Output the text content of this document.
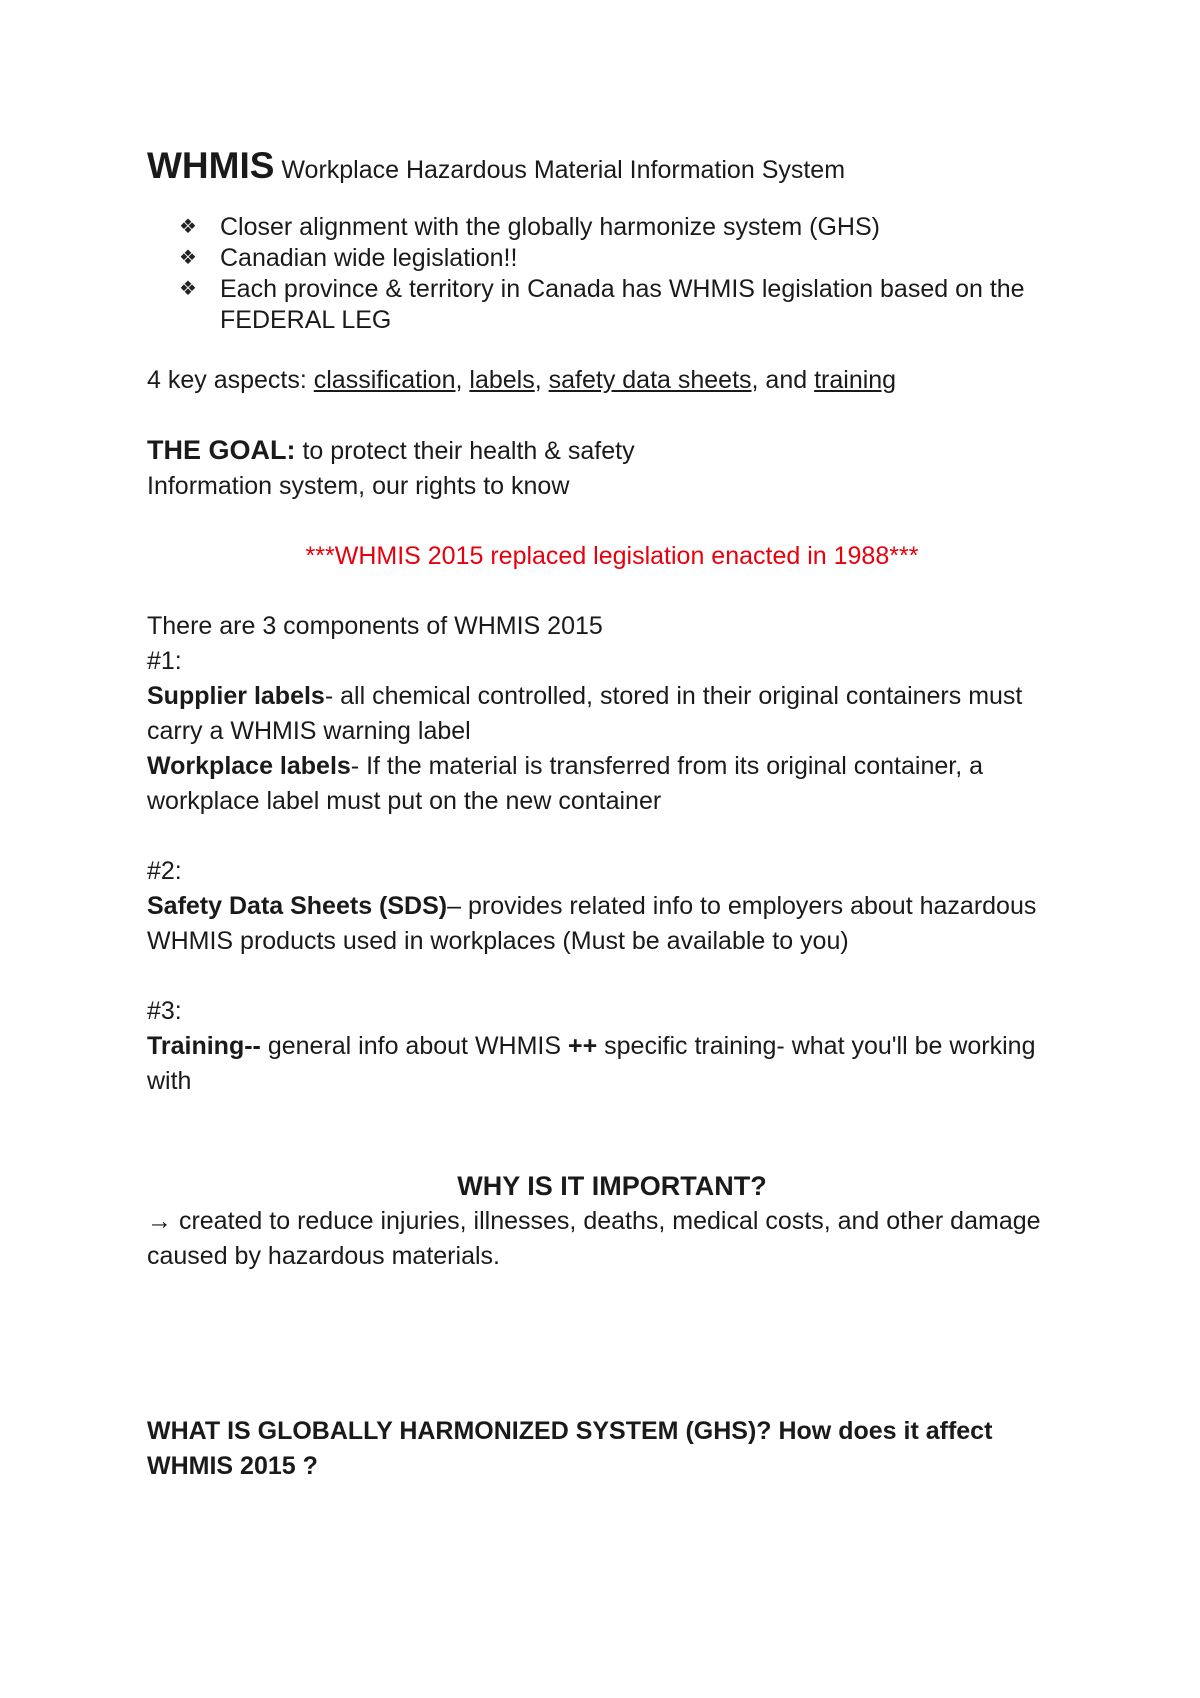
WHMIS Workplace Hazardous Material Information System

❖ Closer alignment with the globally harmonize system (GHS)
❖ Canadian wide legislation!!
❖ Each province & territory in Canada has WHMIS legislation based on the FEDERAL LEG

4 key aspects: classification, labels, safety data sheets, and training

THE GOAL: to protect their health & safety

Information system, our rights to know

***WHMIS 2015 replaced legislation enacted in 1988***

There are 3 components of WHMIS 2015

#1:

Supplier labels- all chemical controlled, stored in their original containers must carry a WHMIS warning label

Workplace labels- If the material is transferred from its original container, a workplace label must put on the new container

#2:

Safety Data Sheets (SDS)– provides related info to employers about hazardous WHMIS products used in workplaces (Must be available to you)

#3:

Training-- general info about WHMIS ++ specific training- what you'll be working with

WHY IS IT IMPORTANT?

→ created to reduce injuries, illnesses, deaths, medical costs, and other damage caused by hazardous materials.

WHAT IS GLOBALLY HARMONIZED SYSTEM (GHS)? How does it affect WHMIS 2015 ?
